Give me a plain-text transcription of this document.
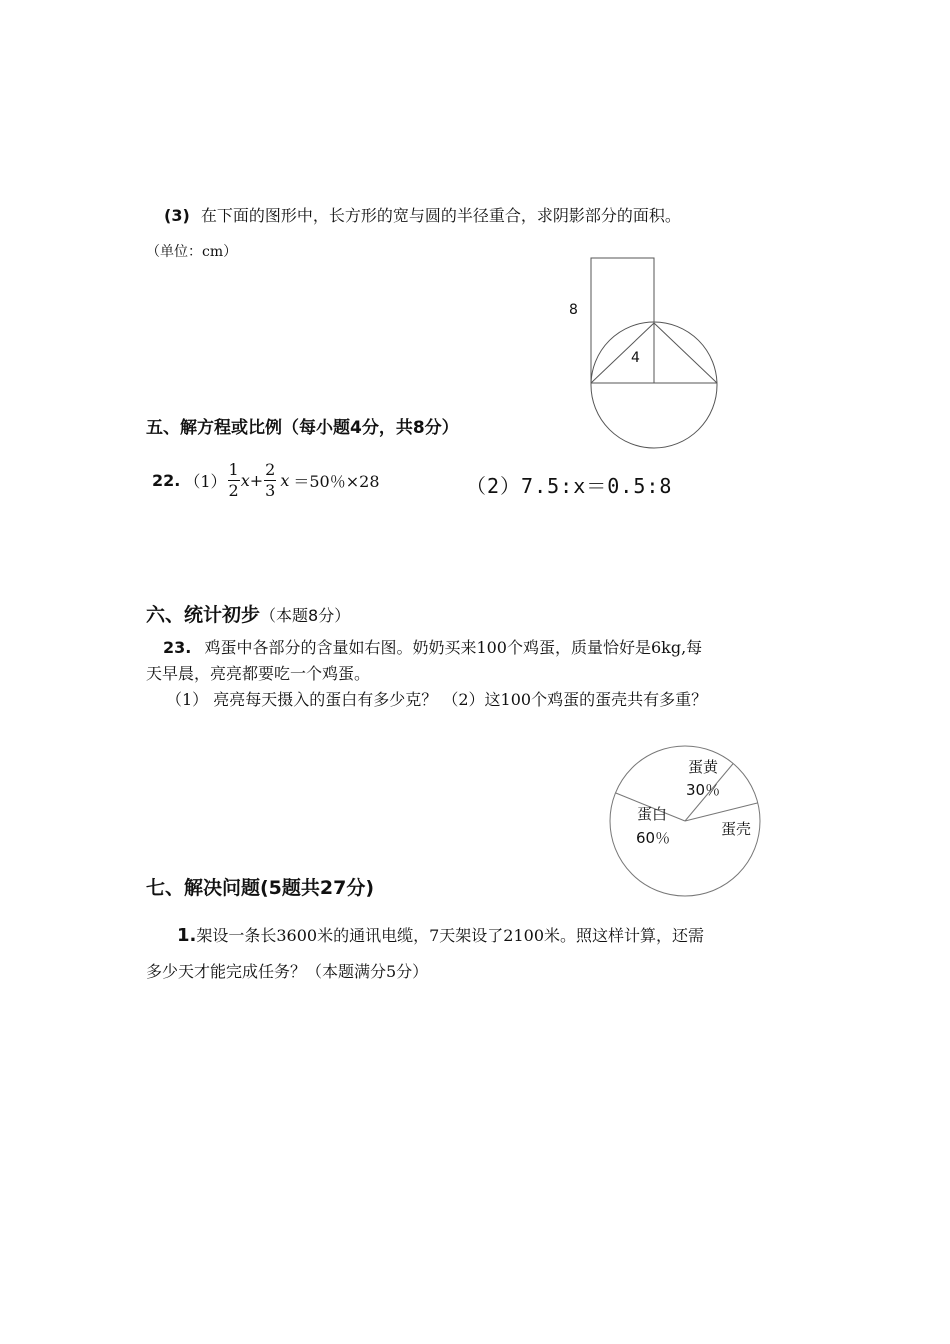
(3) 在下面的图形中，长方形的宽与圆的半径重合，求阴影部分的面积。
（单位：cm）
8
4
五、解方程或比例（每小题4分，共8分）
22. $(1) \frac{1}{2}$ $x + \frac{2}{3}$ x ＝50％×28	（2）7.5:x＝0.5:8
六、统计初步（本题8分）
23. 鸡蛋中各部分的含量如右图。奶奶买来100个鸡蛋，质量恰好是6kg,每
天早晨，亮亮都要吃一个鸡蛋。
（1） 亮亮每天摄入的蛋白有多少克？ （2）这100个鸡蛋的蛋壳共有多重？
蛋黄
30％
蛋壳
蛋白
60％
七、解决问题(5题共27分)
1.架设一条长3600米的通讯电缆，7天架设了2100米。照这样计算，还需
多少天才能完成任务？（本题满分5分）
